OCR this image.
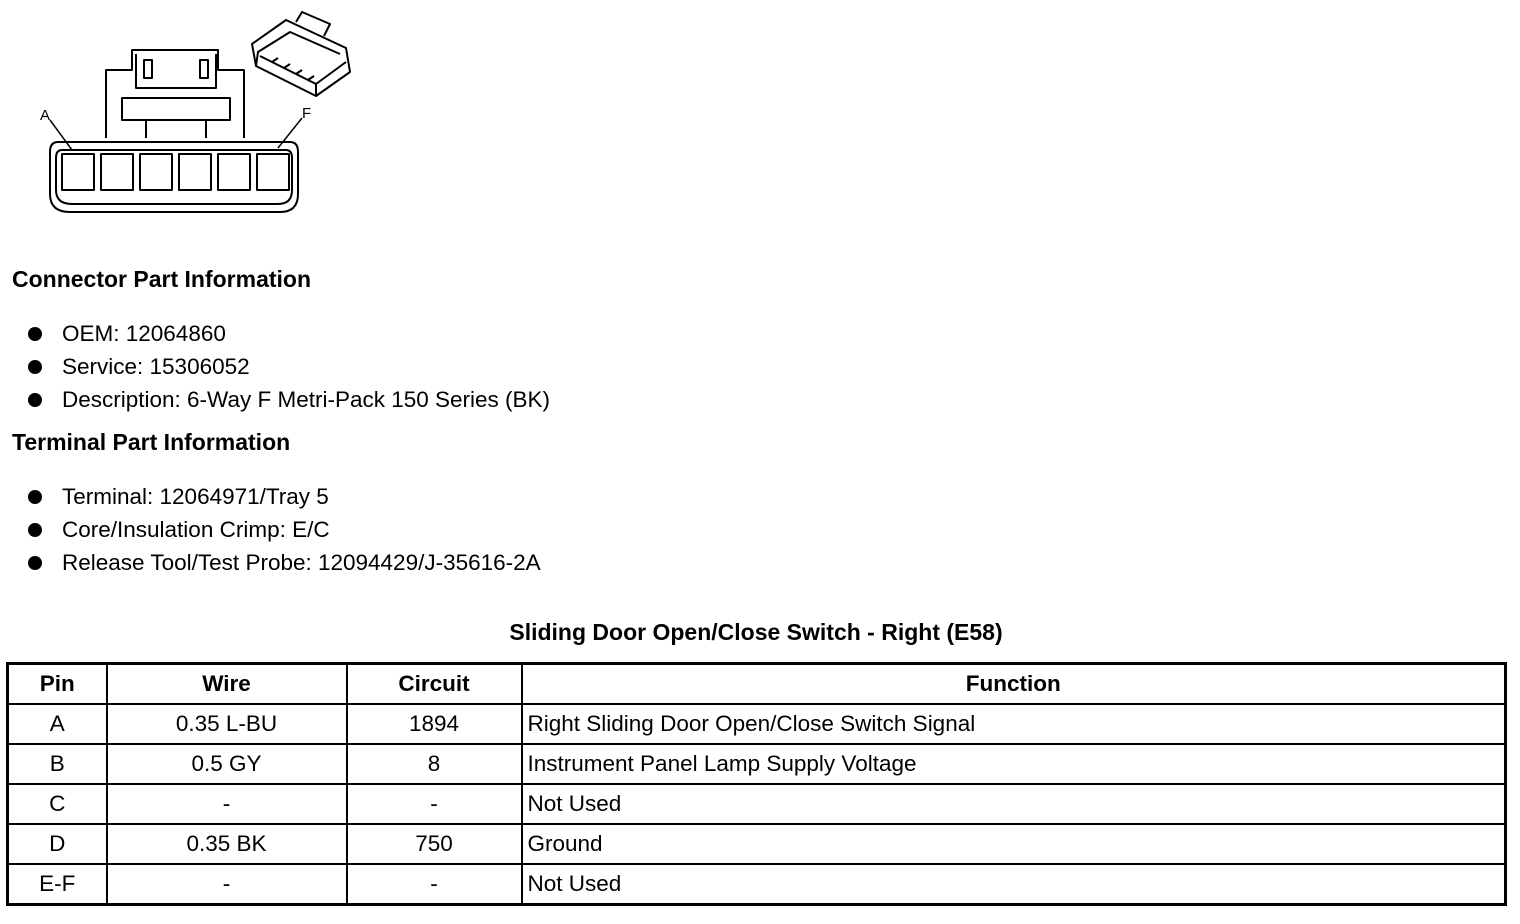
A	F
Connector Part Information
OEM: 12064860
Service: 15306052
Description: 6-Way F Metri-Pack 150 Series (BK)
Terminal Part Information
Terminal: 12064971/Tray 5
Core/Insulation Crimp: E/C
Release Tool/Test Probe: 12094429/J-35616-2A
Sliding Door Open/Close Switch - Right (E58)
Pin	Wire	Circuit	Function
A	0.35 L-BU	1894	Right Sliding Door Open/Close Switch Signal
B	0.5 GY	8	Instrument Panel Lamp Supply Voltage
C	-	-	Not Used
D	0.35 BK	750	Ground
E-F	-	-	Not Used
